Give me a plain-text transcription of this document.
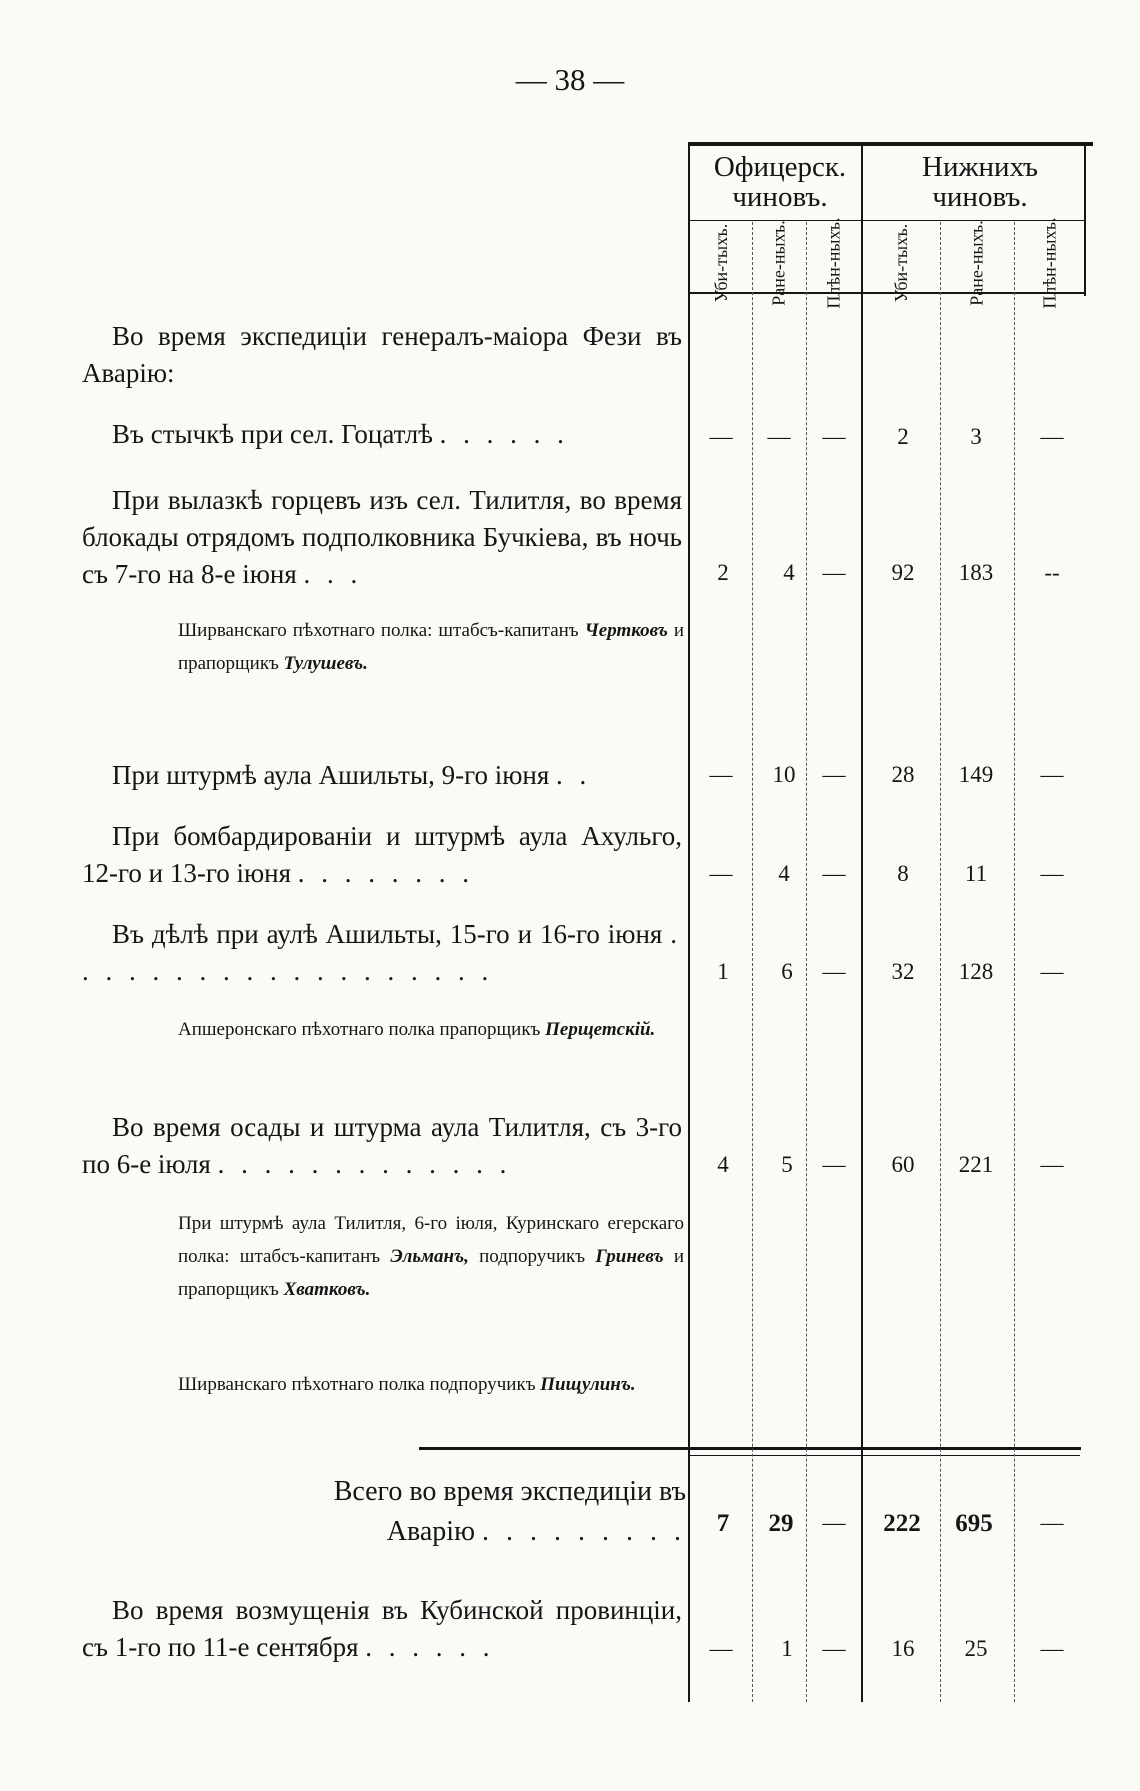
— 38 —
Офицерск. чиновъ.
Нижнихъ чиновъ.
Уби-тыхъ. Ране-ныхъ. Плѣн-ныхъ.	Уби-тыхъ.	Ране-ныхъ.	Плѣн-ныхъ.
Во время экспедиціи генералъ-маіора Фези въ Аварію:
Въ стычкѣ при сел. Гоцатлѣ . . . . . .	—	—	—	2	3	—
При вылазкѣ горцевъ изъ сел. Тилитля, во время блокады отрядомъ подполковника Бучкіева, въ ночь съ 7-го на 8-е іюня . . .	2	4	—	92	183	--
Ширванскаго пѣхотнаго полка: штабсъ-капитанъ Чертковъ и прапорщикъ Тулушевъ.
При штурмѣ аула Ашильты, 9-го іюня . .	—	10	—	28	149	—
При бомбардированіи и штурмѣ аула Ахульго, 12-го и 13-го іюня . . . . . . . .	—	4	—	8	11	—
Въ дѣлѣ при аулѣ Ашильты, 15-го и 16-го іюня . . . . . . . . . . . . . . . . . . .	1	6	—	32	128	—
Апшеронскаго пѣхотнаго полка прапорщикъ Перщетскій.
Во время осады и штурма аула Тилитля, съ 3-го по 6-е іюля . . . . . . . . . . . . .	4	5	—	60	221	—
При штурмѣ аула Тилитля, 6-го іюля, Куринскаго егерскаго полка: штабсъ-капитанъ Эльманъ, подпоручикъ Гриневъ и прапорщикъ Хватковъ.
Ширванскаго пѣхотнаго полка подпоручикъ Пищулинъ.
Всего во время экспедиціи въ Аварію . . . . . . . . .	7	29	—	222	695	—
Во время возмущенія въ Кубинской провинціи, съ 1-го по 11-е сентября . . . . . .	—	1	—	16	25	—
